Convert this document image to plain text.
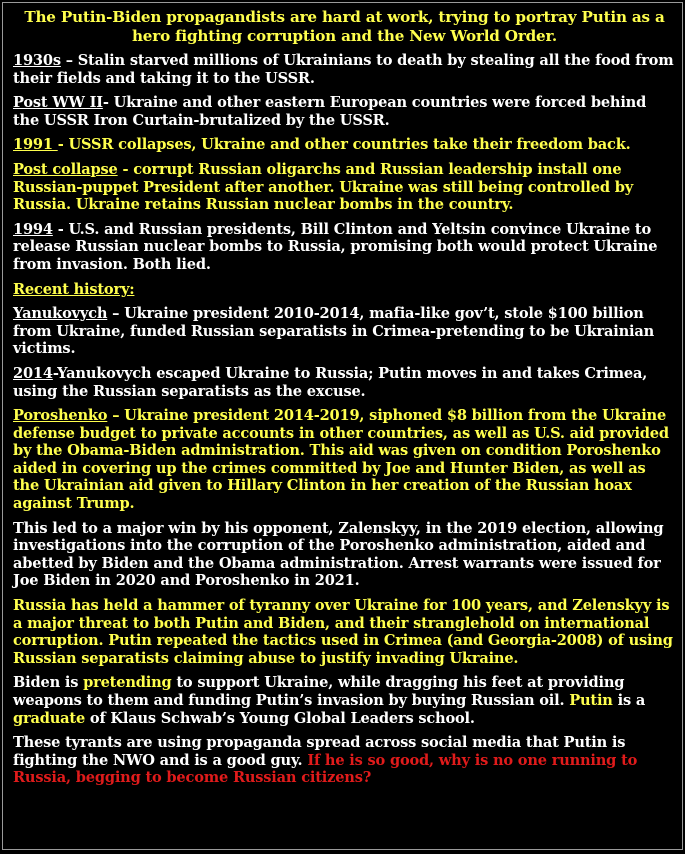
The Putin-Biden propagandists are hard at work, trying to portray Putin as a
hero fighting corruption and the New World Order.

1930s – Stalin starved millions of Ukrainians to death by stealing all the food from their fields and taking it to the USSR.

Post WW II- Ukraine and other eastern European countries were forced behind the USSR Iron Curtain-brutalized by the USSR.

1991 - USSR collapses, Ukraine and other countries take their freedom back.

Post collapse - corrupt Russian oligarchs and Russian leadership install one Russian-puppet President after another. Ukraine was still being controlled by Russia. Ukraine retains Russian nuclear bombs in the country.

1994 - U.S. and Russian presidents, Bill Clinton and Yeltsin convince Ukraine to release Russian nuclear bombs to Russia, promising both would protect Ukraine from invasion. Both lied.

Recent history:

Yanukovych – Ukraine president 2010-2014, mafia-like gov’t, stole $100 billion from Ukraine, funded Russian separatists in Crimea-pretending to be Ukrainian victims.

2014-Yanukovych escaped Ukraine to Russia; Putin moves in and takes Crimea, using the Russian separatists as the excuse.

Poroshenko – Ukraine president 2014-2019, siphoned $8 billion from the Ukraine defense budget to private accounts in other countries, as well as U.S. aid provided by the Obama-Biden administration. This aid was given on condition Poroshenko aided in covering up the crimes committed by Joe and Hunter Biden, as well as the Ukrainian aid given to Hillary Clinton in her creation of the Russian hoax against Trump.

This led to a major win by his opponent, Zalenskyy, in the 2019 election, allowing investigations into the corruption of the Poroshenko administration, aided and abetted by Biden and the Obama administration. Arrest warrants were issued for Joe Biden in 2020 and Poroshenko in 2021.

Russia has held a hammer of tyranny over Ukraine for 100 years, and Zelenskyy is a major threat to both Putin and Biden, and their stranglehold on international corruption. Putin repeated the tactics used in Crimea (and Georgia-2008) of using Russian separatists claiming abuse to justify invading Ukraine.

Biden is pretending to support Ukraine, while dragging his feet at providing weapons to them and funding Putin’s invasion by buying Russian oil. Putin is a graduate of Klaus Schwab’s Young Global Leaders school.

These tyrants are using propaganda spread across social media that Putin is fighting the NWO and is a good guy. If he is so good, why is no one running to Russia, begging to become Russian citizens?
